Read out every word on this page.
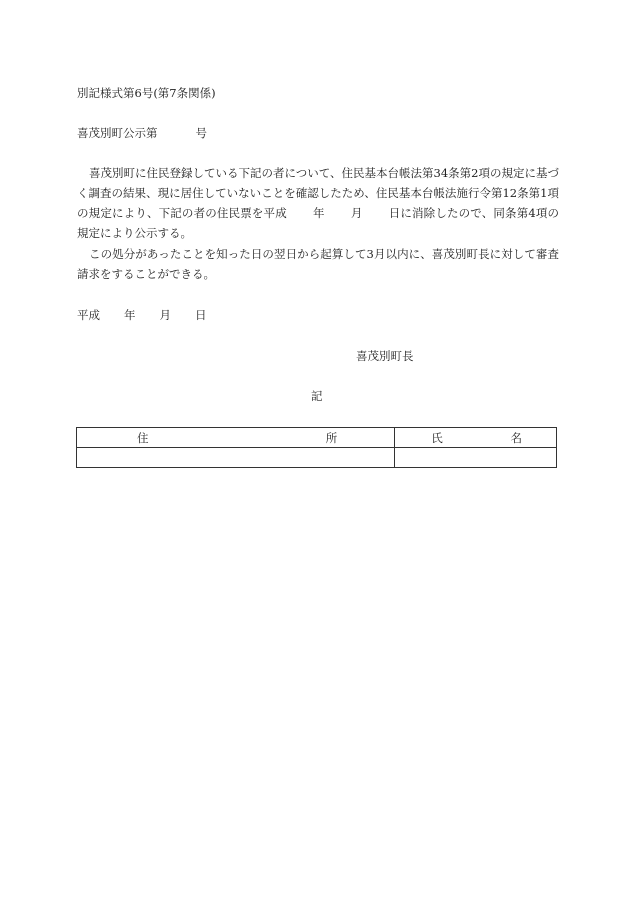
別記様式第6号(第7条関係)
喜茂別町公示第	号
喜茂別町に住民登録している下記の者について、住民基本台帳法第34条第2項の規定に基づく調査の結果、現に居住していないことを確認したため、住民基本台帳法施行令第12条第1項の規定により、下記の者の住民票を平成 年 月 日に消除したので、同条第4項の規定により公示する。
この処分があったことを知った日の翌日から起算して3月以内に、喜茂別町長に対して審査請求をすることができる。
平成 年 月 日
喜茂別町長
記
住 所	氏 名
